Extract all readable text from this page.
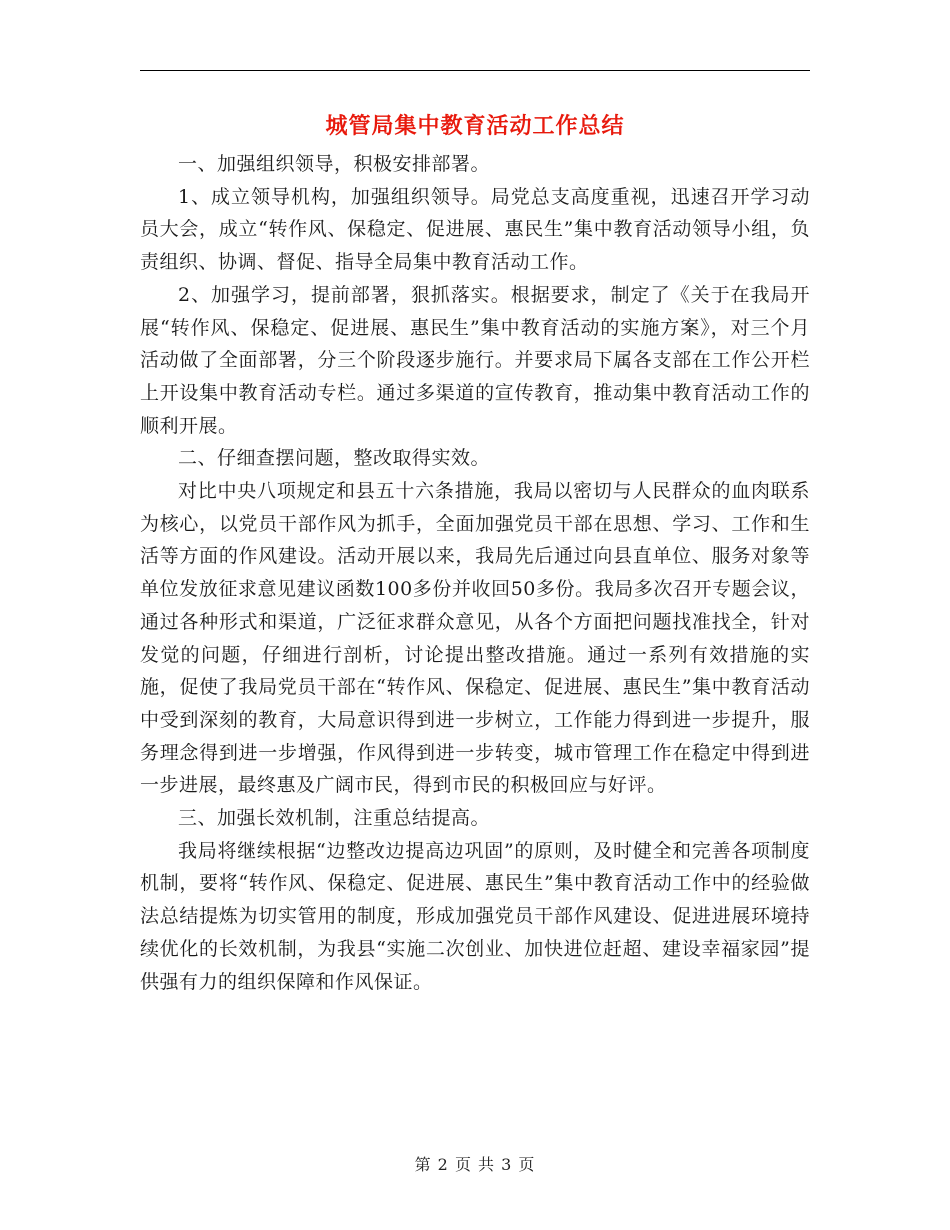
城管局集中教育活动工作总结

一、加强组织领导，积极安排部署。

1、成立领导机构，加强组织领导。局党总支高度重视，迅速召开学习动员大会，成立“转作风、保稳定、促进展、惠民生”集中教育活动领导小组，负责组织、协调、督促、指导全局集中教育活动工作。

2、加强学习，提前部署，狠抓落实。根据要求，制定了《关于在我局开展“转作风、保稳定、促进展、惠民生”集中教育活动的实施方案》，对三个月活动做了全面部署，分三个阶段逐步施行。并要求局下属各支部在工作公开栏上开设集中教育活动专栏。通过多渠道的宣传教育，推动集中教育活动工作的顺利开展。

二、仔细查摆问题，整改取得实效。

对比中央八项规定和县五十六条措施，我局以密切与人民群众的血肉联系为核心，以党员干部作风为抓手，全面加强党员干部在思想、学习、工作和生活等方面的作风建设。活动开展以来，我局先后通过向县直单位、服务对象等单位发放征求意见建议函数100多份并收回50多份。我局多次召开专题会议，通过各种形式和渠道，广泛征求群众意见，从各个方面把问题找准找全，针对发觉的问题，仔细进行剖析，讨论提出整改措施。通过一系列有效措施的实施，促使了我局党员干部在“转作风、保稳定、促进展、惠民生”集中教育活动中受到深刻的教育，大局意识得到进一步树立，工作能力得到进一步提升，服务理念得到进一步增强，作风得到进一步转变，城市管理工作在稳定中得到进一步进展，最终惠及广阔市民，得到市民的积极回应与好评。

三、加强长效机制，注重总结提高。

我局将继续根据“边整改边提高边巩固”的原则，及时健全和完善各项制度机制，要将“转作风、保稳定、促进展、惠民生”集中教育活动工作中的经验做法总结提炼为切实管用的制度，形成加强党员干部作风建设、促进进展环境持续优化的长效机制，为我县“实施二次创业、加快进位赶超、建设幸福家园”提供强有力的组织保障和作风保证。

第 2 页 共 3 页
